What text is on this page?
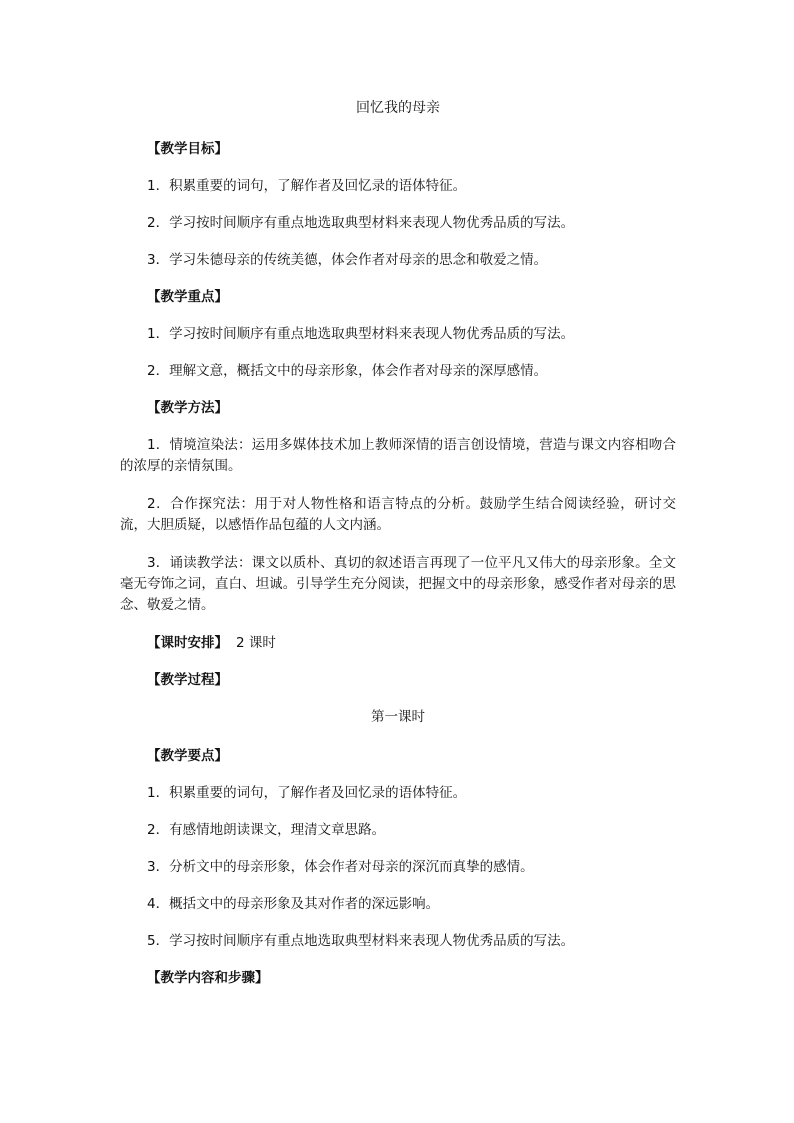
回忆我的母亲
【教学目标】
1．积累重要的词句，了解作者及回忆录的语体特征。
2．学习按时间顺序有重点地选取典型材料来表现人物优秀品质的写法。
3．学习朱德母亲的传统美德，体会作者对母亲的思念和敬爱之情。
【教学重点】
1．学习按时间顺序有重点地选取典型材料来表现人物优秀品质的写法。
2．理解文意，概括文中的母亲形象，体会作者对母亲的深厚感情。
【教学方法】
1．情境渲染法：运用多媒体技术加上教师深情的语言创设情境，营造与课文内容相吻合的浓厚的亲情氛围。
2．合作探究法：用于对人物性格和语言特点的分析。鼓励学生结合阅读经验，研讨交流，大胆质疑，以感悟作品包蕴的人文内涵。
3．诵读教学法：课文以质朴、真切的叙述语言再现了一位平凡又伟大的母亲形象。全文毫无夸饰之词，直白、坦诚。引导学生充分阅读，把握文中的母亲形象，感受作者对母亲的思念、敬爱之情。
【课时安排】 2 课时
【教学过程】
第一课时
【教学要点】
1．积累重要的词句，了解作者及回忆录的语体特征。
2．有感情地朗读课文，理清文章思路。
3．分析文中的母亲形象，体会作者对母亲的深沉而真挚的感情。
4．概括文中的母亲形象及其对作者的深远影响。
5．学习按时间顺序有重点地选取典型材料来表现人物优秀品质的写法。
【教学内容和步骤】
